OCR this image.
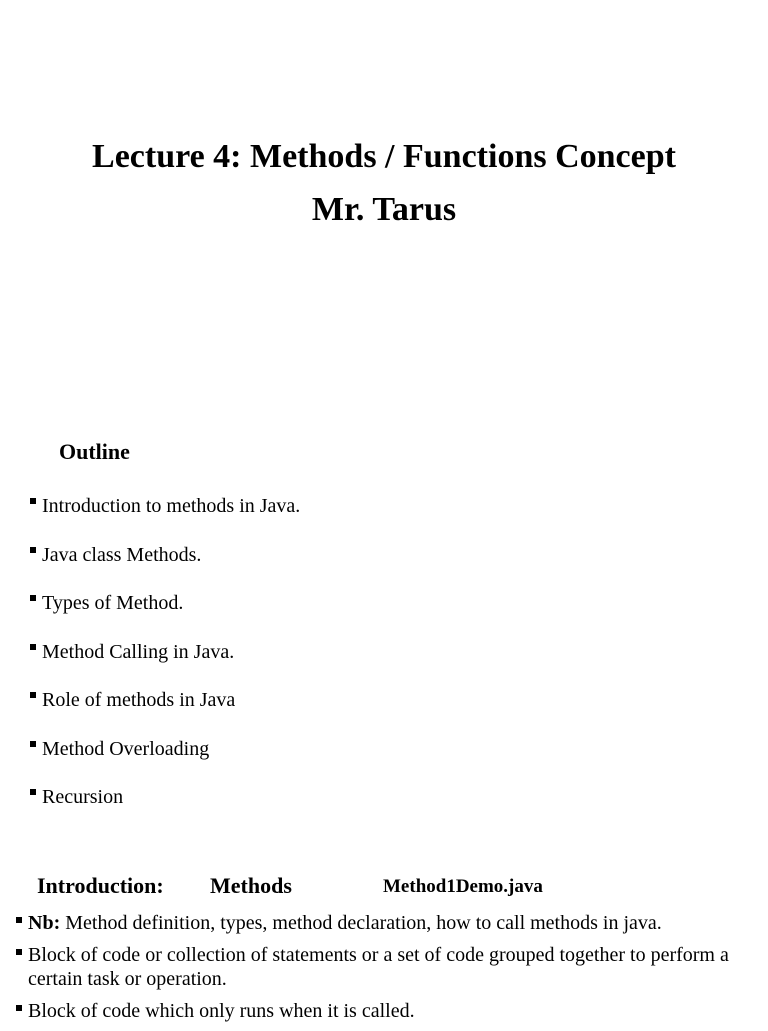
Lecture 4: Methods / Functions Concept
Mr. Tarus
Outline
Introduction to methods in Java.
Java class Methods.
Types of Method.
Method Calling in Java.
Role of methods in Java
Method Overloading
Recursion
Introduction: Methods	Method1Demo.java
Nb: Method definition, types, method declaration, how to call methods in java.
Block of code or collection of statements or a set of code grouped together to perform a certain task or operation.
Block of code which only runs when it is called.
